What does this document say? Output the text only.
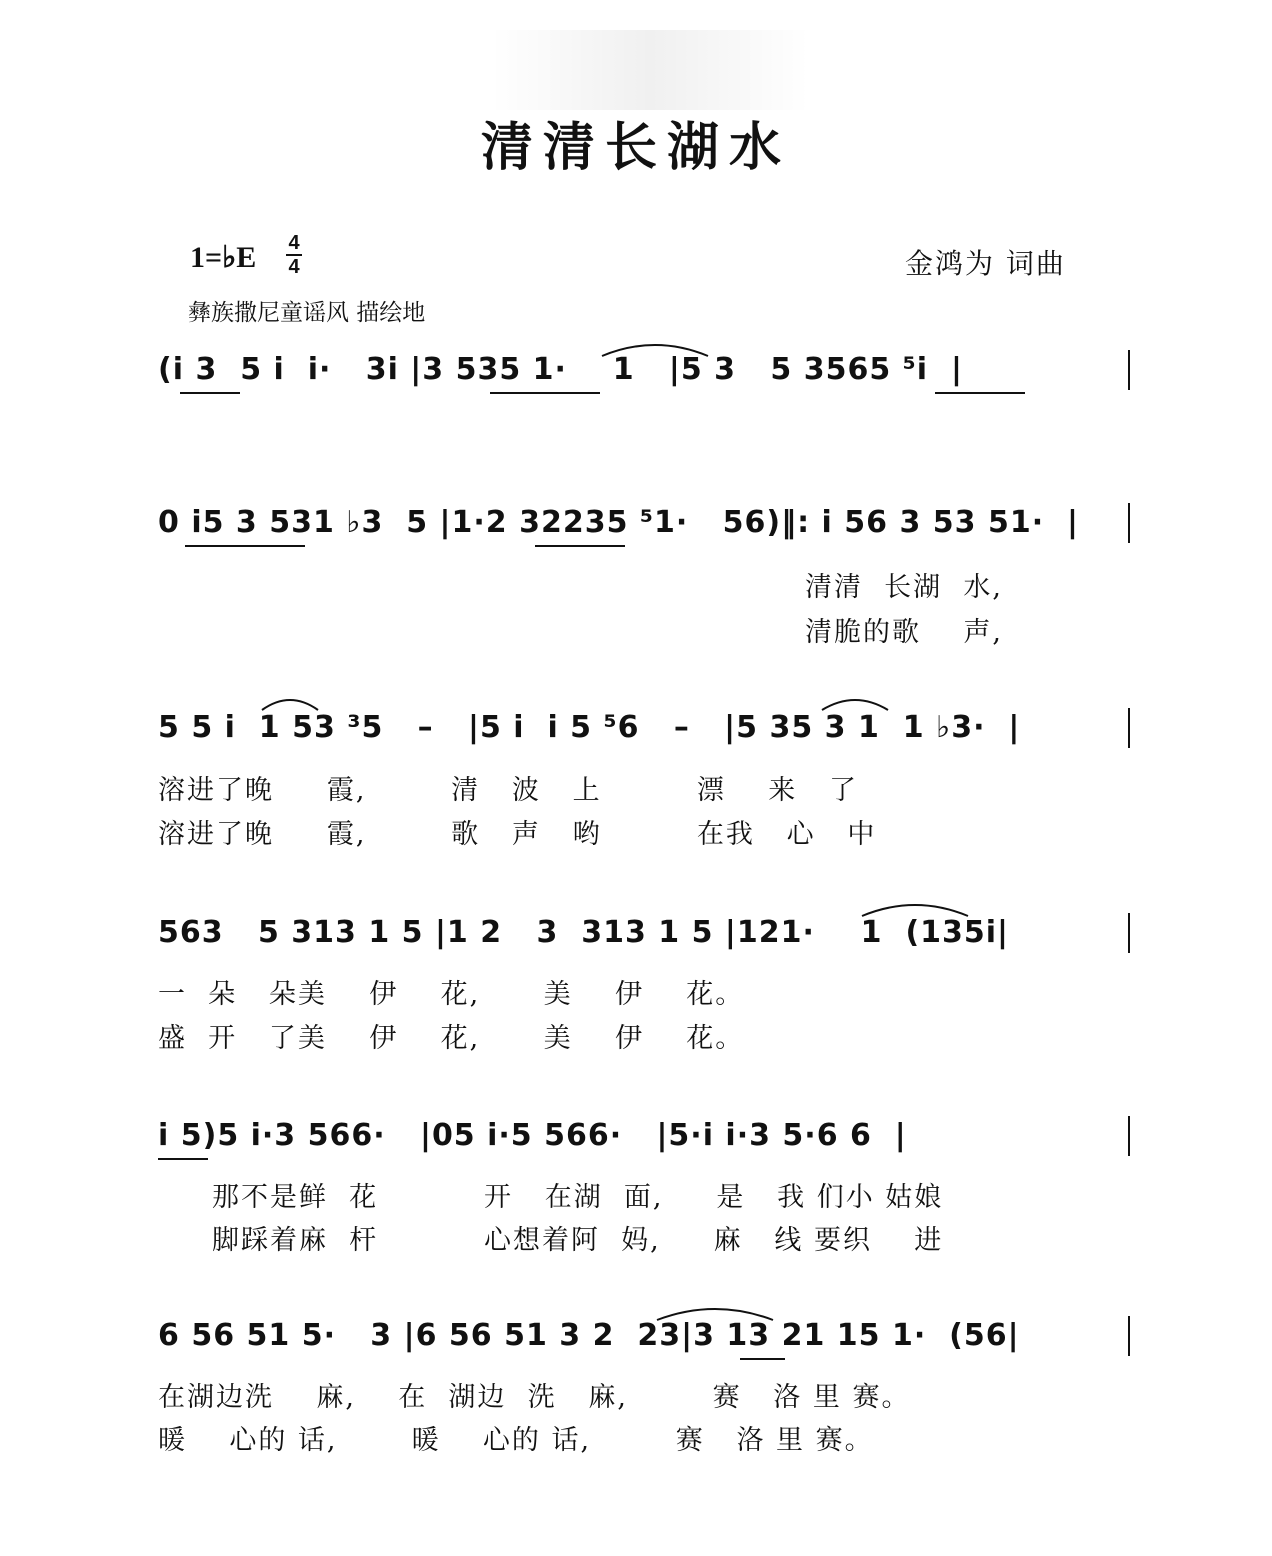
清清长湖水
1=♭E 4
4
彝族撒尼童谣风 描绘地
金鸿为 词曲
(i 3  5 i  i·   3i |3 535 1·    1   |5 3   5 3565 ⁵i  |
0 i5 3 531 ♭3  5 |1·2 32235 ⁵1·   56)‖: i 56 3 53 51·  |
清清  长湖  水,
清脆的歌    声,
5 5 i  1 53 ³5   –   |5 i  i 5 ⁵6   –   |5 35 3 1  1 ♭3·  |
溶进了晚     霞,        清   波   上         漂    来   了
溶进了晚     霞,        歌   声   哟         在我   心   中
563   5 313 1 5 |1 2   3  313 1 5 |121·    1  (135i|
一  朵   朵美    伊    花,      美    伊    花。
盛  开   了美    伊    花,      美    伊    花。
i 5)5 i·3 566·   |05 i·5 566·   |5·i i·3 5·6 6  |
那不是鲜  花          开   在湖  面,     是   我 们小 姑娘
脚踩着麻  杆          心想着阿  妈,     麻   线 要织    进
6 56 51 5·   3 |6 56 51 3 2  23|3 13 21 15 1·  (56|
在湖边洗    麻,    在  湖边  洗   麻,        赛   洛 里 赛。
暖    心的 话,       暖    心的 话,        赛   洛 里 赛。
